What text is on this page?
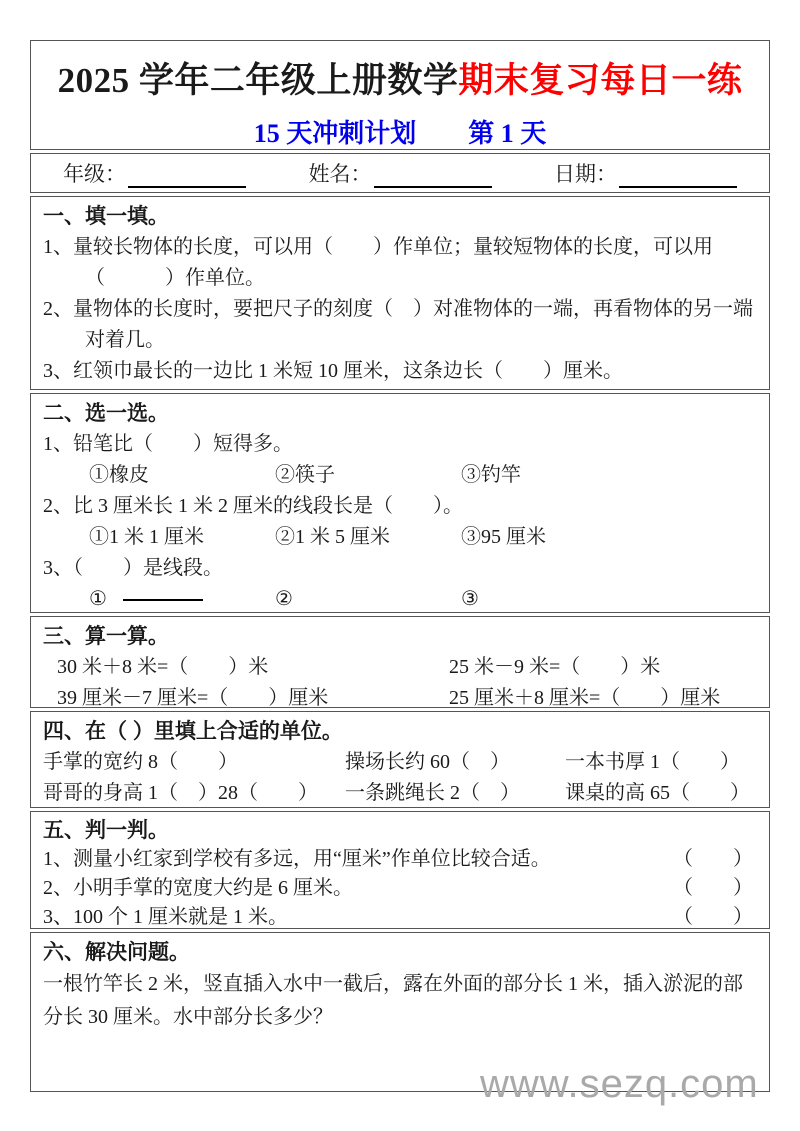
2025 学年二年级上册数学期末复习每日一练
15 天冲刺计划　　第 1 天
年级：	姓名：	日期：
一、填一填。
1、量较长物体的长度，可以用（　　）作单位；量较短物体的长度，可以用（　　　）作单位。
2、量物体的长度时，要把尺子的刻度（　）对准物体的一端，再看物体的另一端对着几。
3、红领巾最长的一边比 1 米短 10 厘米，这条边长（　　）厘米。
二、选一选。
1、铅笔比（　　）短得多。
①橡皮	②筷子	③钓竿
2、比 3 厘米长 1 米 2 厘米的线段长是（　　）。
①1 米 1 厘米	②1 米 5 厘米	③95 厘米
3、（　　）是线段。
①	②	③
三、算一算。
30 米＋8 米=（　　）米	25 米－9 米=（　　）米
39 厘米－7 厘米=（　　）厘米	25 厘米＋8 厘米=（　　）厘米
四、在（ ）里填上合适的单位。
手掌的宽约 8（　　）	操场长约 60（　）	一本书厚 1（　　）
哥哥的身高 1（　）28（　　）	一条跳绳长 2（　）	课桌的高 65（　　）
五、判一判。
1、测量小红家到学校有多远，用“厘米”作单位比较合适。	（　　）
2、小明手掌的宽度大约是 6 厘米。	（　　）
3、100 个 1 厘米就是 1 米。	（　　）
六、解决问题。
一根竹竿长 2 米，竖直插入水中一截后，露在外面的部分长 1 米，插入淤泥的部分长 30 厘米。水中部分长多少？
www.sezq.com
